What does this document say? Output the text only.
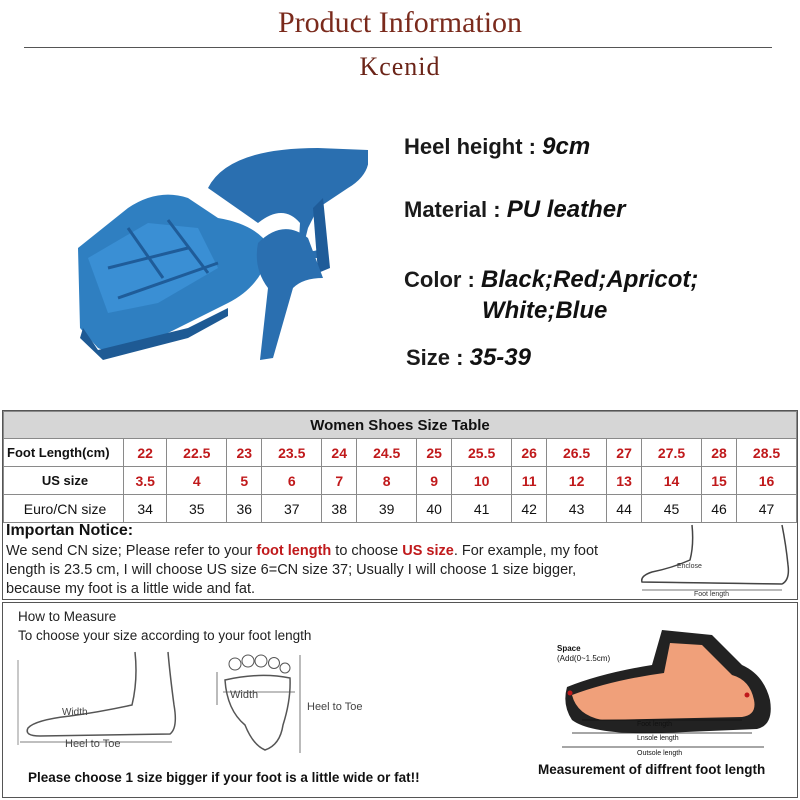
Product Information
Kcenid
Heel height : 9cm
Material : PU leather
Color : Black;Red;Apricot;
White;Blue
Size : 35-39
Women Shoes Size Table														
Foot Length(cm)	22	22.5	23	23.5	24	24.5	25	25.5	26	26.5	27	27.5	28	28.5
US size	3.5	4	5	6	7	8	9	10	11	12	13	14	15	16
Euro/CN size	34	35	36	37	38	39	40	41	42	43	44	45	46	47
Importan Notice:
We send CN size; Please refer to your foot length to choose US size. For example, my foot length is 23.5 cm, I will choose US size 6=CN size 37; Usually I will choose 1 size bigger, because my foot is a little wide and fat.
Enclose
Foot length
How to Measure
To choose your size according to your foot length
Width
Heel to Toe
Width
Heel to Toe
Please choose 1 size bigger if your foot is a little wide or fat!!
Space
(Add(0~1.5cm)
Foot length
Lnsole length
Outsole length
Measurement of diffrent foot length
